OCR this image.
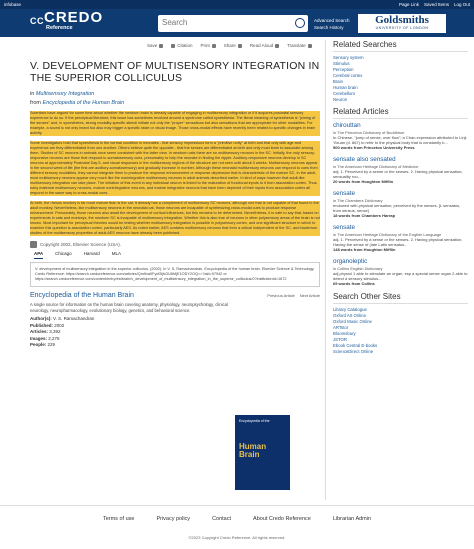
infobase	Page Link Saved Items Log Out
C C CREDO
Reference
Search	Advanced Search
Search History
Goldsmiths
UNIVERSITY OF LONDON
Save	Citation Print	Share	Read Aloud	Translate
V. DEVELOPMENT OF MULTISENSORY INTEGRATION IN THE SUPERIOR COLLICULUS
in Multisensory Integration
from Encyclopedia of the Human Brain

Scientists have argued for some time about whether the newborn brain is already capable of engaging in multisensory integration or if it acquires postnatal sensory experience to do so. If the perceptual literature, this issue has sometimes revolved around a syndrome called synesthesia. The literal meaning of synesthesia is "joining of the senses" and, in synesthetes, strong modality-specific stimuli initiate not only the "proper" sensations but also sensations that are appropriate for other modalities. For example, a sound is not only heard but also may trigger a specific taste or visual image. Those cross-modal effects have recently been related to specific changes in brain activity.

Some investigators hold that synesthesia is the normal condition in neonates - that sensory impressions form a "primitive unity" at birth and that only with age and experience are they differentiated from one another. Others believe quite the opposite - that the senses are differentiated at birth and only must learn to associate among them. Studies of SC neurons in animals once seem consistent with the latter view. In newborn cats there are no multisensory neurons in the SC. Initially, the only sensory-responsive neurons are those that respond to somatosensory cues, presumably to help the neonate in finding the nipple. Auditory-responsive neurons develop in SC neurons at approximately Postnatal Day 5, and visual responses in the multisensory regions of the structure are not seen until about 3 weeks. Multisensory neurons appear in the second week of life (the first are auditory-somatosensory) and gradually increase in number. Although these neonatal multisensory neurons can respond to cues from different sensory modalities, they cannot integrate them to produce the response enhancement or response depression that is characteristic of the mature SC. In the adult, most multisensory neurons appear very much like the nonintegrative multisensory neurons in adult animals described earlier. In kind of ways however that adult-like multisensory integration can take place. The initiation of this event in any individual neuron is linked to the maturation of functional inputs to it from association cortex. Thus, early maternal multisensory neurons, mature nonintegrative neurons, and mature integrative neurons that have been deprived of their inputs from association cortex all respond in the same way to cross-modal cues.

At birth, the rhesus monkey is far more mature than is the cat. It already has a complement of multisensory SC neurons, although one that is not capable of that found in the adult monkey. Nevertheless, like multisensory neurons in the neonatal cat, those neurons are incapable of synthesizing cross-modal cues to produce response enhancement. Presumably, those neurons also await the development of cortical influences, but this remains to be determined. Nevertheless, it is safe to say that, based on experiments in cats and monkeys, the newborn SC is incapable of multisensory integration. Whether this is also true of neurons in other polysensory areas of the brain is not known. Most important for perceptual theories would be testing whether multisensory integration is possible in polysensory cortex, and one significant structure in which to examine this question is association cortex, particularly AES. As noted earlier, AES contains multisensory neurons that form a critical independent of the SC, and bacterium studies of the multisensory properties of adult AES neurons have already been published.

Copyright 2002, Elsevier Science (USA).
APA	Chicago	Harvard	MLA
V. development of multisensory integration in the superior colliculus. (2002). In V. S. Ramachandran, Encyclopedia of the human brain. Elsevier Science & Technology. Credo Reference: https://search.credoreference.com/articles/Qm9va0FydGljbGU6MjE1ODY2OQ==?aid=97942 or https://search.credoreference.com/content/entry/estbrain/v_development_of_multisensory_integration_in_the_superior_colliculus/0?institutionId=1672
Encyclopedia of the Human Brain	Previous Article Next Article
A single source for information on the human brain covering anatomy, physiology, neuropsychology, clinical neurology, neuropharmacology, evolutionary biology, genetics, and behavioral science.
Author(s): V. S. Ramachandran
Published: 2002
Articles: 3,392
Images: 2,276
People: 229
Encyclopedia of the
Human Brain
Related Searches
Sensory system
Stimulus
Perception
Cerebral cortex
Brain
Human brain
Cerebellum
Neuron
Related Articles
chirouttan
in The Princeton Dictionary of Buddhism
In Chinese, "jump of sense, over flow"; a Chan expression attributed to Linji Yixuan (d. 867) to refer to the physical body that is constantly b...
500 words from Princeton University Press
sensate also sensated
in The American Heritage Dictionary of Medicine
adj. 1. Perceived by a sense or the senses. 2. Having physical sensation; sensuality rou...
20 words from Houghton Mifflin
sensate
in The Chambers Dictionary
endowed with physical sensation; perceived by the senses. [L sensatus, from sensus, sense]
18 words from Chambers Harrap
sensate
in The American Heritage Dictionary of the English Language
adj. 1. Perceived by a sense or the senses. 2. Having physical sensation. Having the sense of (late Latin sensatus...
148 words from Houghton Mifflin
organoleptic
in Collins English Dictionary
adj physiol 1 able to stimulate an organ, esp a special sense organ 2 able to detect a sensory stimulus...
69 words from Collins
Search Other Sites
Library Catalogue
Oxford Art Online
Oxford Music Online
ARTstor
Bloomsbury
JSTOR
Ebook Central E-books
ScienceDirect Online
Terms of use	Privacy policy	Contact	About Credo Reference	Librarian Admin
©2023 Copyright Credo Reference. All rights reserved.
